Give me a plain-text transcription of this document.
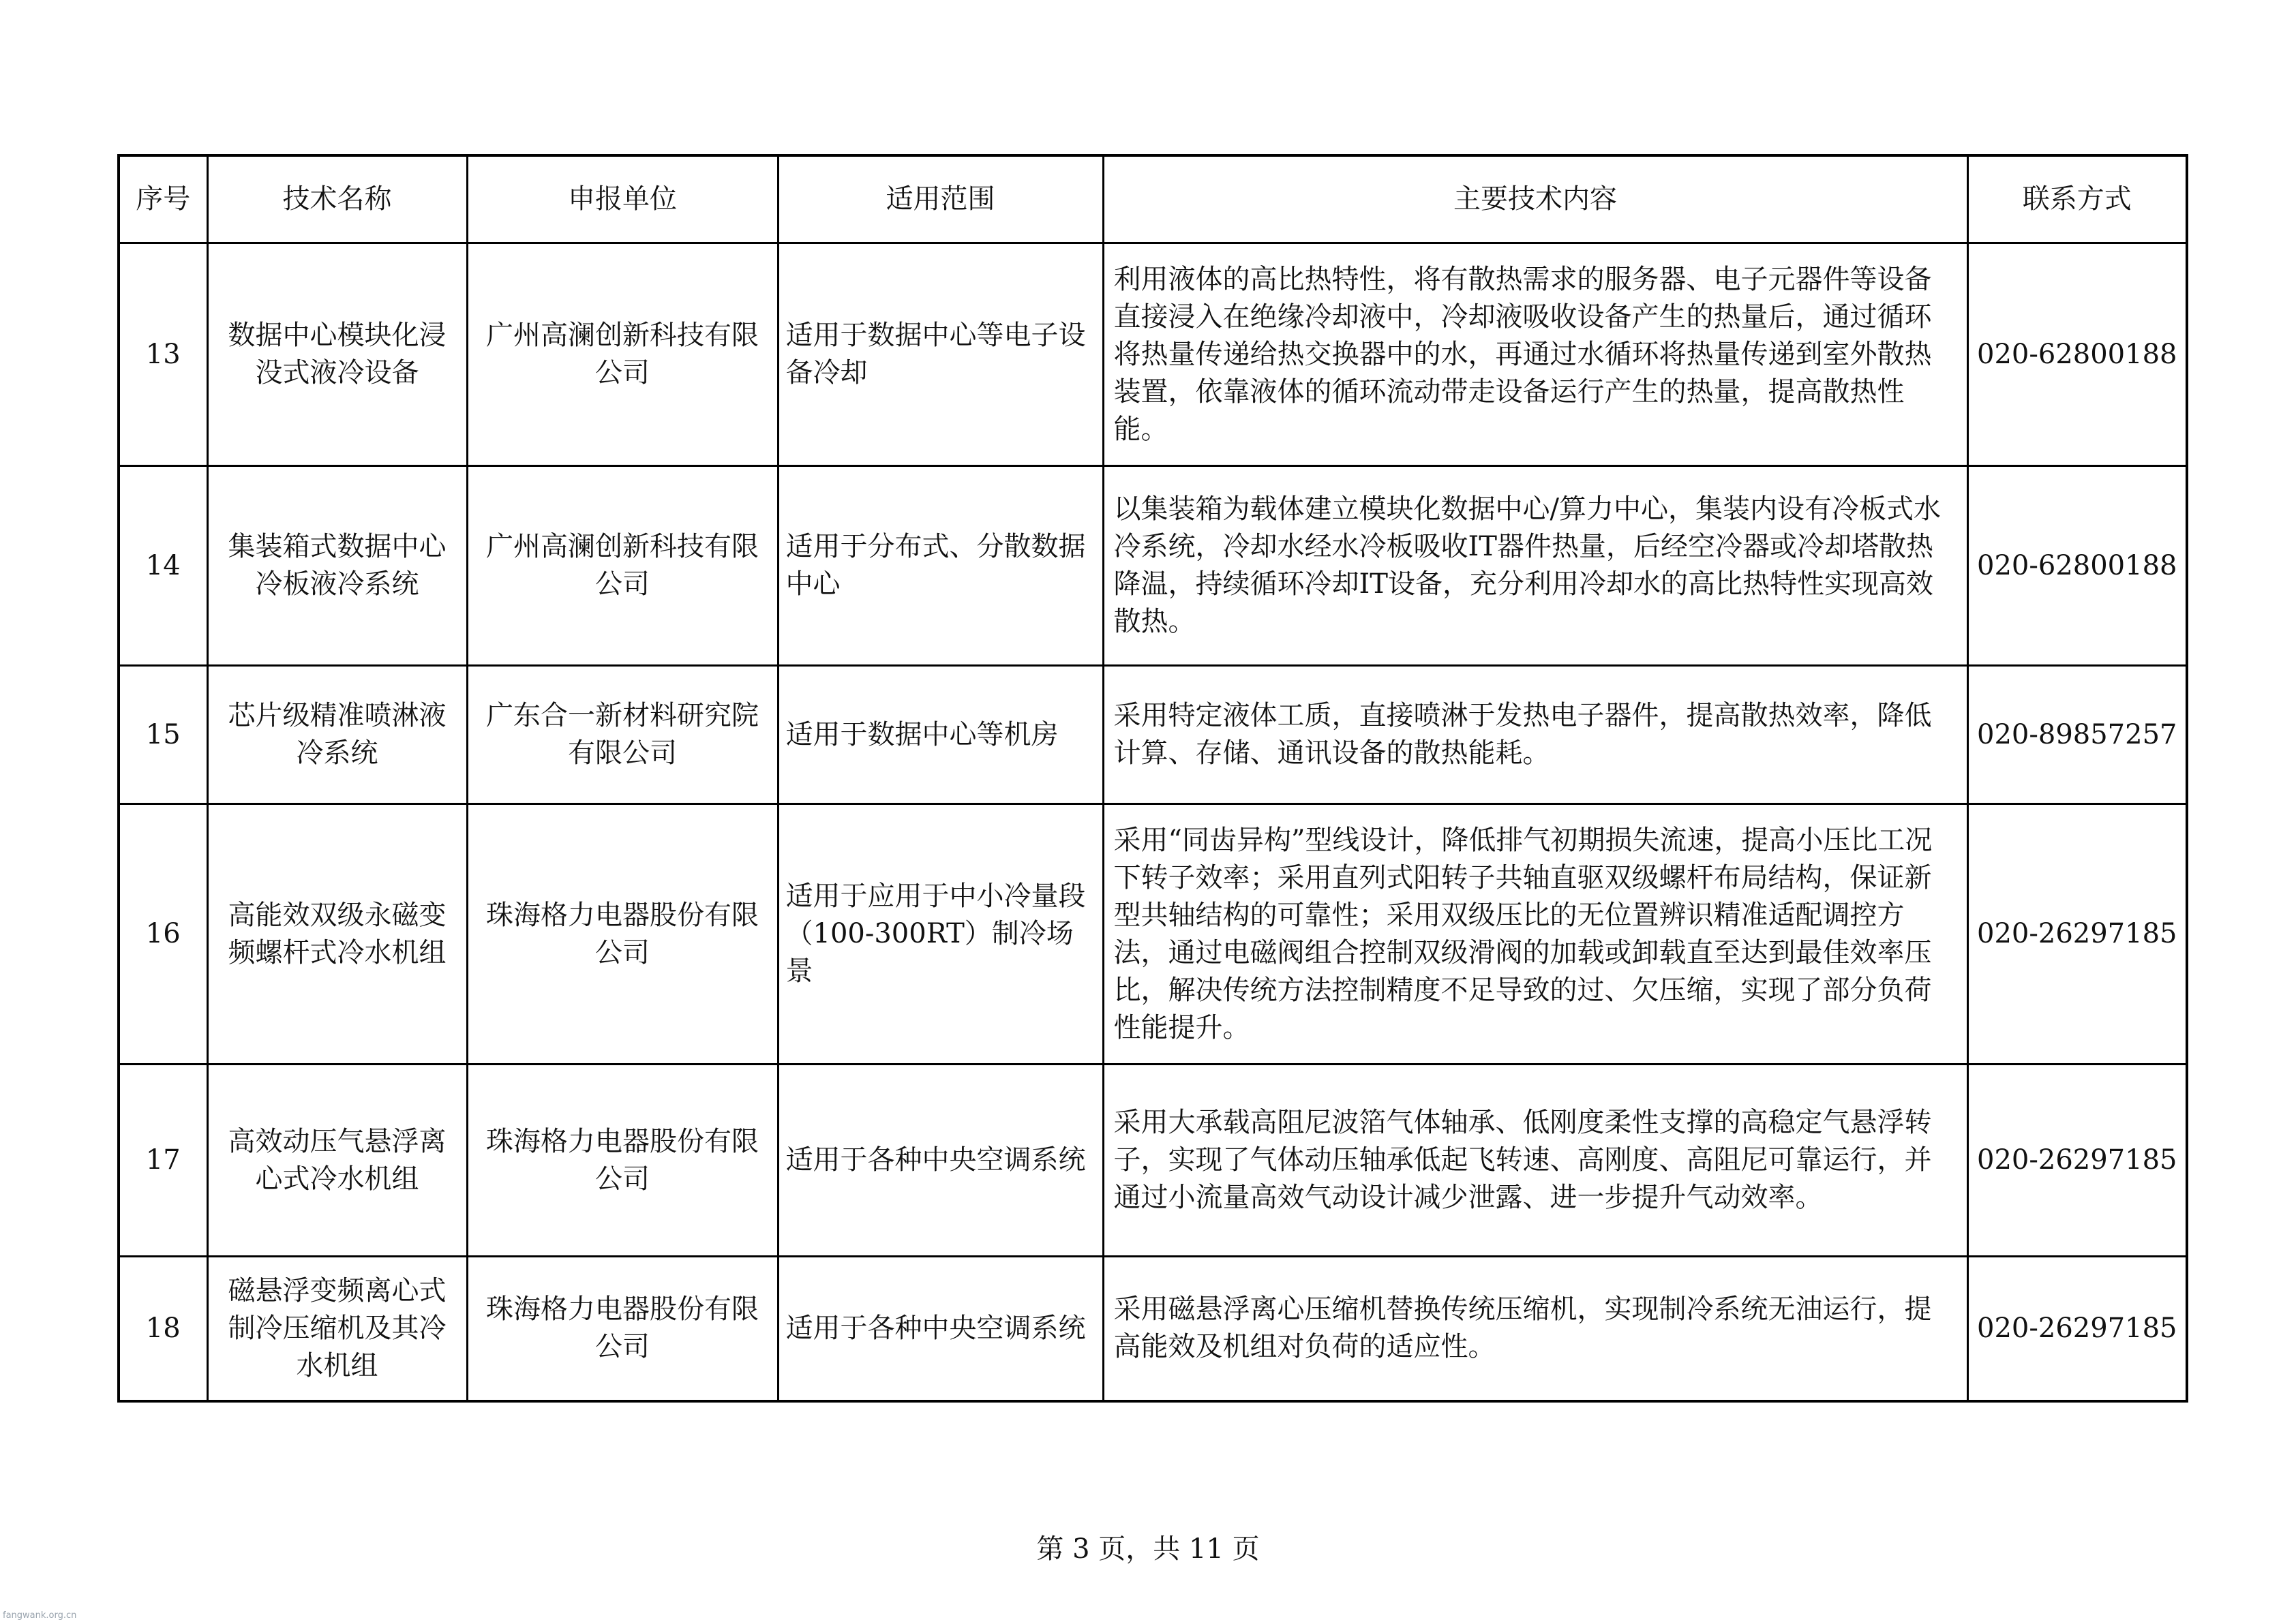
序号	技术名称	申报单位	适用范围	主要技术内容	联系方式
13	数据中心模块化浸没式液冷设备	广州高澜创新科技有限公司	适用于数据中心等电子设备冷却	利用液体的高比热特性，将有散热需求的服务器、电子元器件等设备直接浸入在绝缘冷却液中，冷却液吸收设备产生的热量后，通过循环将热量传递给热交换器中的水，再通过水循环将热量传递到室外散热装置，依靠液体的循环流动带走设备运行产生的热量，提高散热性能。	020-62800188
14	集装箱式数据中心冷板液冷系统	广州高澜创新科技有限公司	适用于分布式、分散数据中心	以集装箱为载体建立模块化数据中心/算力中心，集装内设有冷板式水冷系统，冷却水经水冷板吸收IT器件热量，后经空冷器或冷却塔散热降温，持续循环冷却IT设备，充分利用冷却水的高比热特性实现高效散热。	020-62800188
15	芯片级精准喷淋液冷系统	广东合一新材料研究院有限公司	适用于数据中心等机房	采用特定液体工质，直接喷淋于发热电子器件，提高散热效率，降低计算、存储、通讯设备的散热能耗。	020-89857257
16	高能效双级永磁变频螺杆式冷水机组	珠海格力电器股份有限公司	适用于应用于中小冷量段（100-300RT）制冷场景	采用“同齿异构”型线设计，降低排气初期损失流速，提高小压比工况下转子效率；采用直列式阳转子共轴直驱双级螺杆布局结构，保证新型共轴结构的可靠性；采用双级压比的无位置辨识精准适配调控方法，通过电磁阀组合控制双级滑阀的加载或卸载直至达到最佳效率压比，解决传统方法控制精度不足导致的过、欠压缩，实现了部分负荷性能提升。	020-26297185
17	高效动压气悬浮离心式冷水机组	珠海格力电器股份有限公司	适用于各种中央空调系统	采用大承载高阻尼波箔气体轴承、低刚度柔性支撑的高稳定气悬浮转子，实现了气体动压轴承低起飞转速、高刚度、高阻尼可靠运行，并通过小流量高效气动设计减少泄露、进一步提升气动效率。	020-26297185
18	磁悬浮变频离心式制冷压缩机及其冷水机组	珠海格力电器股份有限公司	适用于各种中央空调系统	采用磁悬浮离心压缩机替换传统压缩机，实现制冷系统无油运行，提高能效及机组对负荷的适应性。	020-26297185
第 3 页，共 11 页
fangwank.org.cn
